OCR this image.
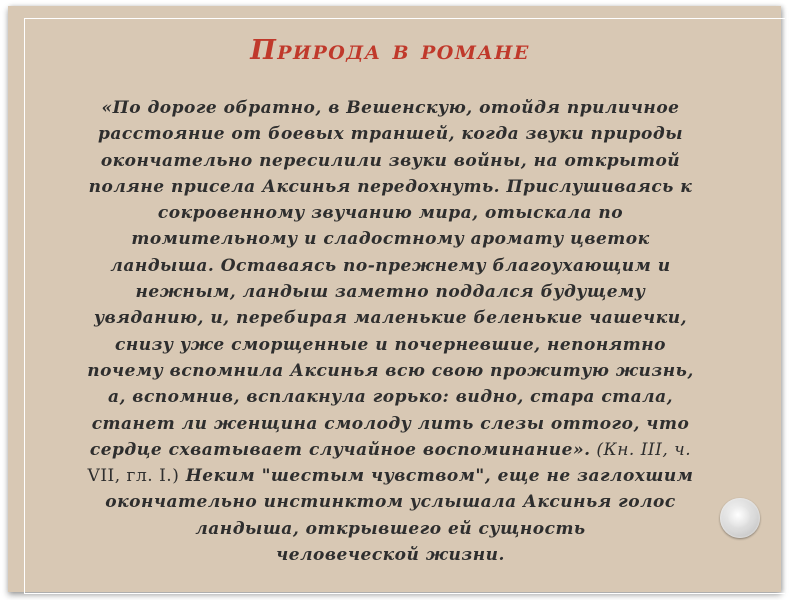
Природа в романе
«По дороге обратно, в Вешенскую, отойдя приличное
расстояние от боевых траншей, когда звуки природы
окончательно пересилили звуки войны, на открытой
поляне присела Аксинья передохнуть. Прислушиваясь к
сокровенному звучанию мира, отыскала по
томительному и сладостному аромату цветок
ландыша. Оставаясь по-прежнему благоухающим и
нежным, ландыш заметно поддался будущему
увяданию, и, перебирая маленькие беленькие чашечки,
снизу уже сморщенные и почерневшие, непонятно
почему вспомнила Аксинья всю свою прожитую жизнь,
а, вспомнив, всплакнула горько: видно, стара стала,
станет ли женщина смолоду лить слезы оттого, что
сердце схватывает случайное воспоминание». (Кн. III, ч.
VII, гл. I.) Неким "шестым чувством", еще не заглохшим
окончательно инстинктом услышала Аксинья голос
ландыша, открывшего ей сущность
человеческой жизни.
